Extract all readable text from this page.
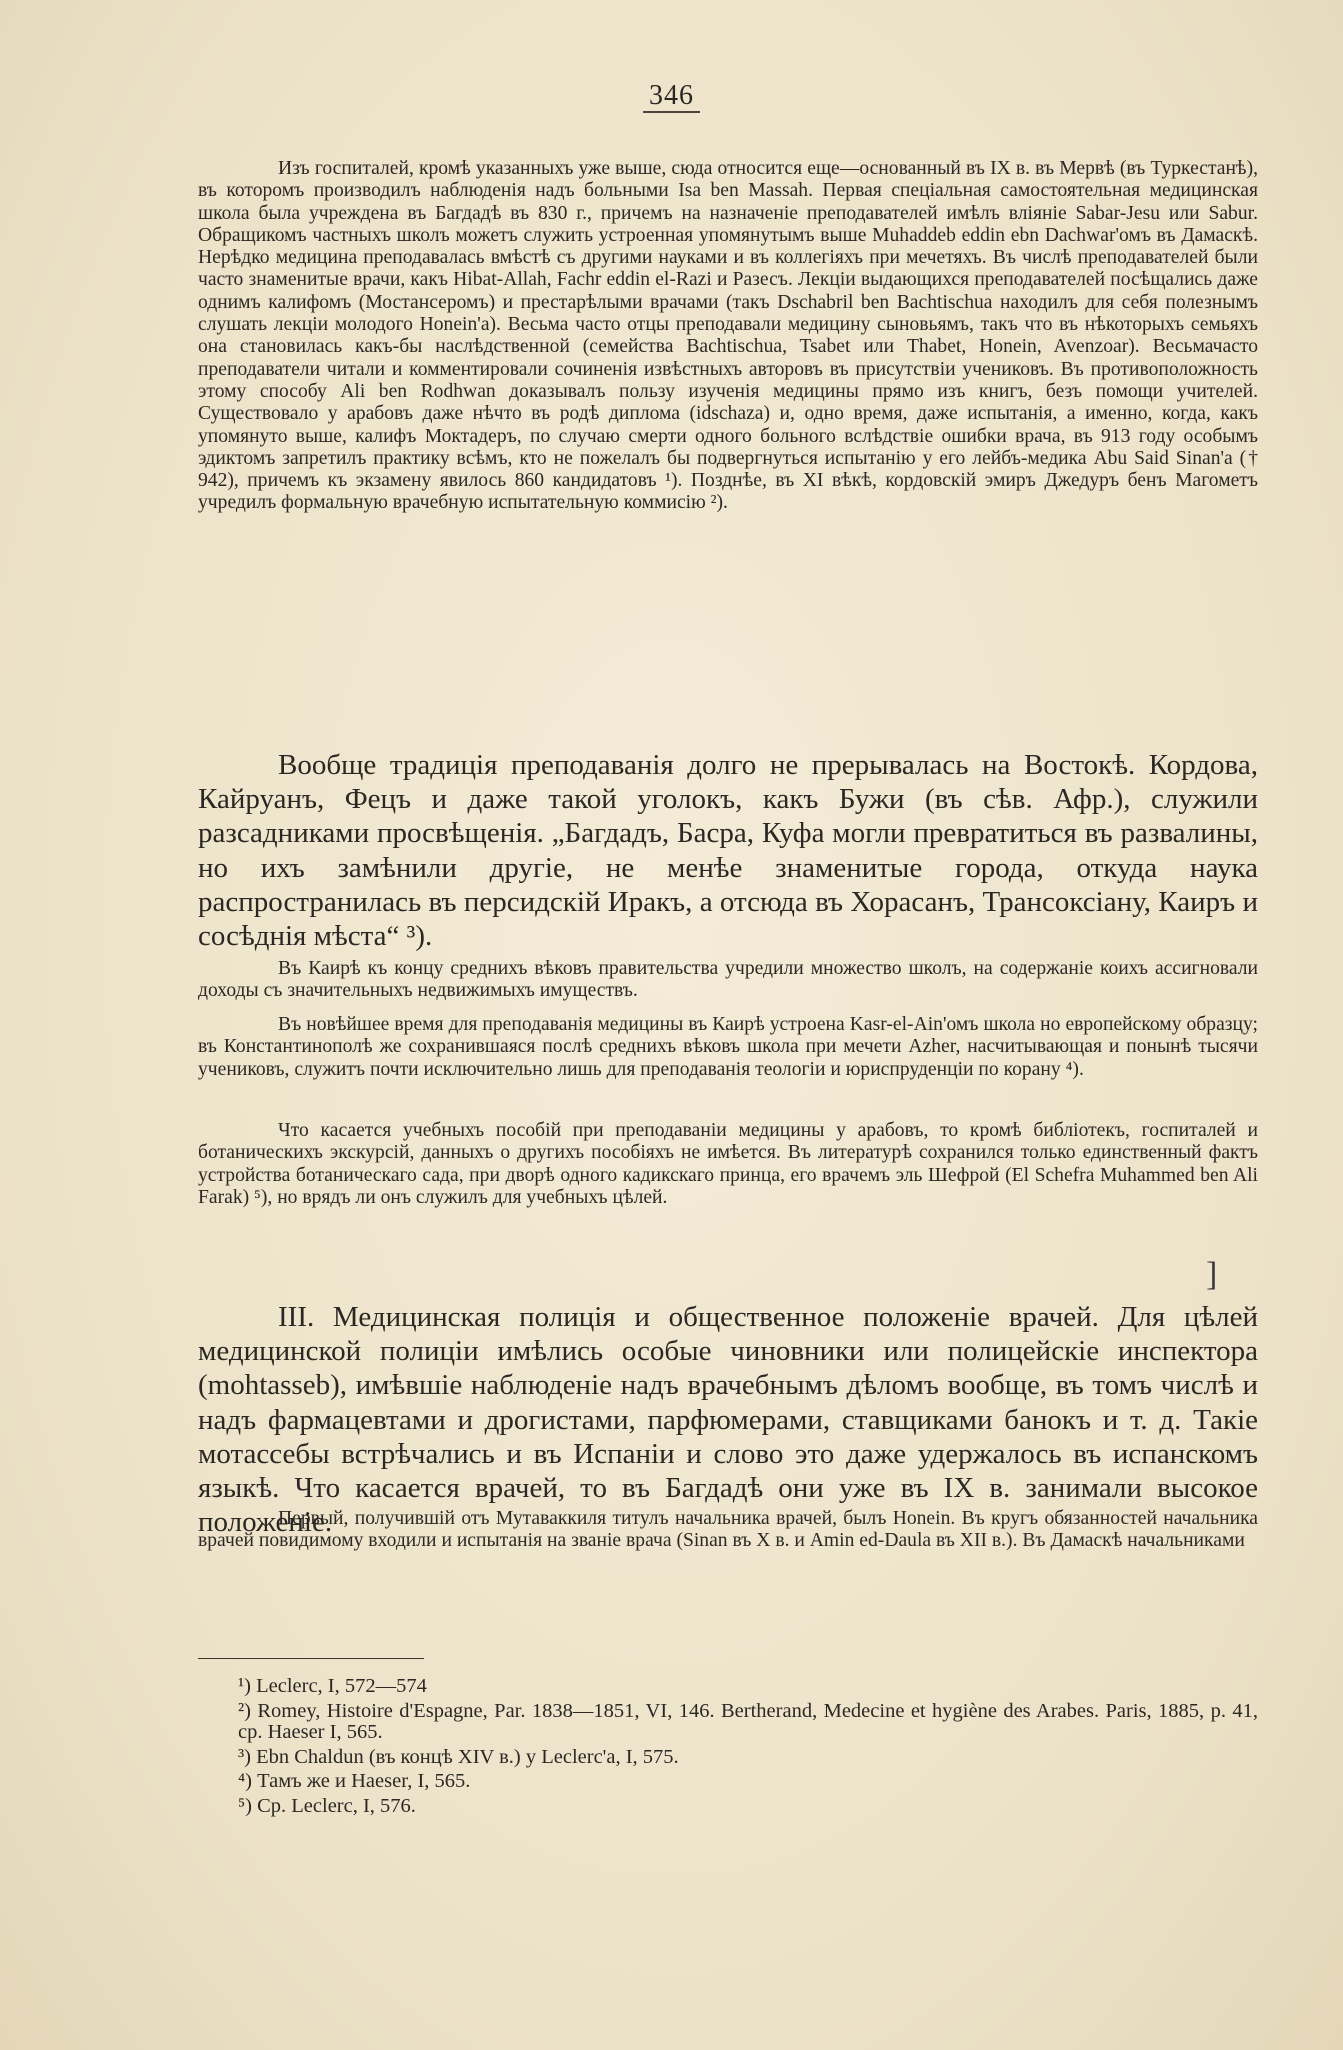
346

Изъ госпиталей, кромѣ указанныхъ уже выше, сюда относится еще—основанный въ IX в. въ Мервѣ (въ Туркестанѣ), въ которомъ производилъ наблюденія надъ больными Isa ben Massah. Первая спеціальная самостоятельная медицинская школа была учреждена въ Багдадѣ въ 830 г., причемъ на назначеніе преподавателей имѣлъ вліяніе Sabar-Jesu или Sabur. Обращикомъ частныхъ школъ можетъ служить устроенная упомянутымъ выше Muhaddeb eddin ebn Dachwar'омъ въ Дамаскѣ. Нерѣдко медицина преподавалась вмѣстѣ съ другими науками и въ коллегіяхъ при мечетяхъ. Въ числѣ преподавателей были часто знаменитые врачи, какъ Hibat-Allah, Fachr eddin el-Razi и Разесъ. Лекціи выдающихся преподавателей посѣщались даже однимъ калифомъ (Мостансеромъ) и престарѣлыми врачами (такъ Dschabril ben Bachtischua находилъ для себя полезнымъ слушать лекціи молодого Honein'a). Весьма часто отцы преподавали медицину сыновьямъ, такъ что въ нѣкоторыхъ семьяхъ она становилась какъ-бы наслѣдственной (семейства Bachtischua, Tsabet или Thabet, Honein, Avenzoar). Весьмачасто преподаватели читали и комментировали сочиненія извѣстныхъ авторовъ въ присутствіи учениковъ. Въ противоположность этому способу Ali ben Rodhwan доказывалъ пользу изученія медицины прямо изъ книгъ, безъ помощи учителей. Существовало у арабовъ даже нѣчто въ родѣ диплома (idschaza) и, одно время, даже испытанія, а именно, когда, какъ упомянуто выше, калифъ Моктадеръ, по случаю смерти одного больного вслѣдствіе ошибки врача, въ 913 году особымъ эдиктомъ запретилъ практику всѣмъ, кто не пожелалъ бы подвергнуться испытанію у его лейбъ-медика Abu Said Sinan'a († 942), причемъ къ экзамену явилось 860 кандидатовъ ¹). Позднѣе, въ XI вѣкѣ, кордовскій эмиръ Джедуръ бенъ Магометъ учредилъ формальную врачебную испытательную коммисію ²).

Вообще традиція преподаванія долго не прерывалась на Востокѣ. Кордова, Кайруанъ, Фецъ и даже такой уголокъ, какъ Бужи (въ сѣв. Афр.), служили разсадниками просвѣщенія. „Багдадъ, Басра, Куфа могли превратиться въ развалины, но ихъ замѣнили другіе, не менѣе знаменитые города, откуда наука распространилась въ персидскій Иракъ, а отсюда въ Хорасанъ, Трансоксіану, Каиръ и сосѣднія мѣста“ ³).

Въ Каирѣ къ концу среднихъ вѣковъ правительства учредили множество школъ, на содержаніе коихъ ассигновали доходы съ значительныхъ недвижимыхъ имуществъ.

Въ новѣйшее время для преподаванія медицины въ Каирѣ устроена Kasr-el-Ain'омъ школа но европейскому образцу; въ Константинополѣ же сохранившаяся послѣ среднихъ вѣковъ школа при мечети Azher, насчитывающая и понынѣ тысячи учениковъ, служитъ почти исключительно лишь для преподаванія теологіи и юриспруденціи по корану ⁴).

Что касается учебныхъ пособій при преподаваніи медицины у арабовъ, то кромѣ библіотекъ, госпиталей и ботаническихъ экскурсій, данныхъ о другихъ пособіяхъ не имѣется. Въ литературѣ сохранился только единственный фактъ устройства ботаническаго сада, при дворѣ одного кадикскаго принца, его врачемъ эль Шефрой (El Schefra Muhammed ben Ali Farak) ⁵), но врядъ ли онъ служилъ для учебныхъ цѣлей.

III. Медицинская полиція и общественное положеніе врачей. Для цѣлей медицинской полиціи имѣлись особые чиновники или полицейскіе инспектора (mohtasseb), имѣвшіе наблюденіе надъ врачебнымъ дѣломъ вообще, въ томъ числѣ и надъ фармацевтами и дрогистами, парфюмерами, ставщиками банокъ и т. д. Такіе мотассебы встрѣчались и въ Испаніи и слово это даже удержалось въ испанскомъ языкѣ. Что касается врачей, то въ Багдадѣ они уже въ IX в. занимали высокое положеніе.

Первый, получившій отъ Мутаваккиля титулъ начальника врачей, былъ Honein. Въ кругъ обязанностей начальника врачей повидимому входили и испытанія на званіе врача (Sinan въ X в. и Amin ed-Daula въ XII в.). Въ Дамаскѣ начальниками

]

¹) Leclerc, I, 572—574

²) Romey, Histoire d'Espagne, Par. 1838—1851, VI, 146. Bertherand, Medecine et hygiène des Arabes. Paris, 1885, p. 41, ср. Haeser I, 565.

³) Ebn Chaldun (въ концѣ XIV в.) у Leclerc'a, I, 575.

⁴) Тамъ же и Haeser, I, 565.

⁵) Ср. Leclerc, I, 576.
